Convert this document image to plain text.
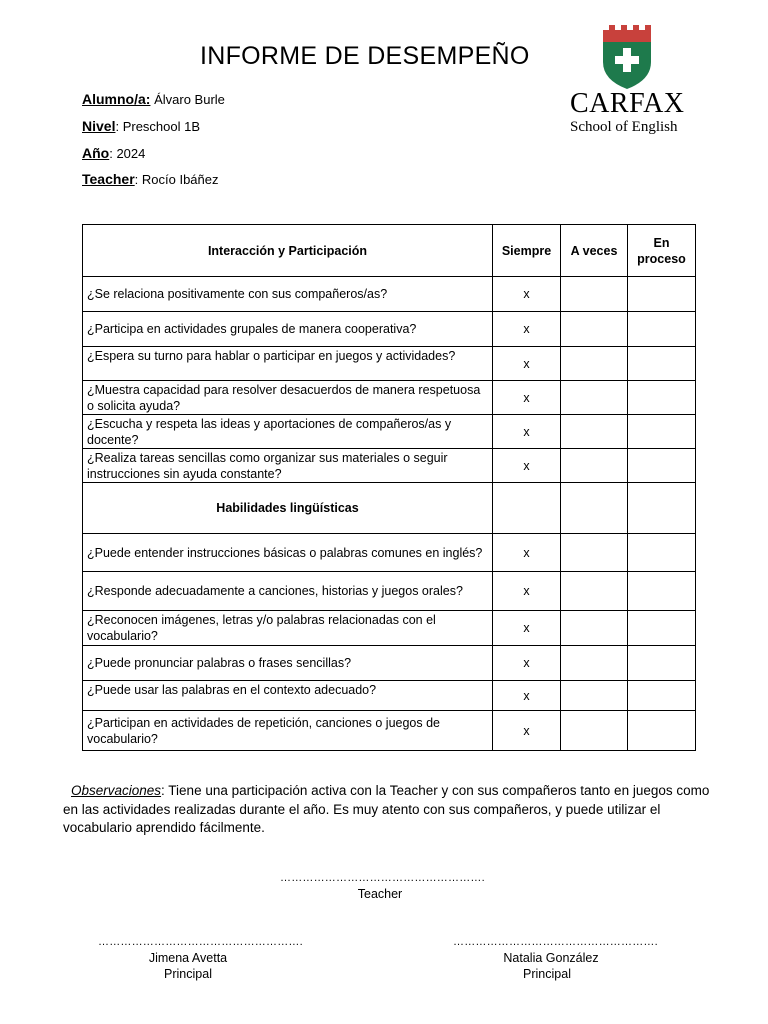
INFORME DE DESEMPEÑO
CARFAX
School of English
Alumno/a: Álvaro Burle
Nivel: Preschool 1B
Año: 2024
Teacher: Rocío Ibáñez
Interacción y Participación	Siempre	A veces	En proceso
¿Se relaciona positivamente con sus compañeros/as?	x		
¿Participa en actividades grupales de manera cooperativa?	x		
¿Espera su turno para hablar o participar en juegos y actividades?	x		
¿Muestra capacidad para resolver desacuerdos de manera respetuosa o solicita ayuda?	x		
¿Escucha y respeta las ideas y aportaciones de compañeros/as y docente?	x		
¿Realiza tareas sencillas como organizar sus materiales o seguir instrucciones sin ayuda constante?	x		
Habilidades lingüísticas			
¿Puede entender instrucciones básicas o palabras comunes en inglés?	x		
¿Responde adecuadamente a canciones, historias y juegos orales?	x		
¿Reconocen imágenes, letras y/o palabras relacionadas con el vocabulario?	x		
¿Puede pronunciar palabras o frases sencillas?	x		
¿Puede usar las palabras en el contexto adecuado?	x		
¿Participan en actividades de repetición, canciones o juegos de vocabulario?	x		
Observaciones: Tiene una participación activa con la Teacher y con sus compañeros tanto en juegos como en las actividades realizadas durante el año. Es muy atento con sus compañeros, y puede utilizar el vocabulario aprendido fácilmente.
……………………………………………….
Teacher
……………………………………………….
Jimena Avetta
Principal
……………………………………………….
Natalia González
Principal
